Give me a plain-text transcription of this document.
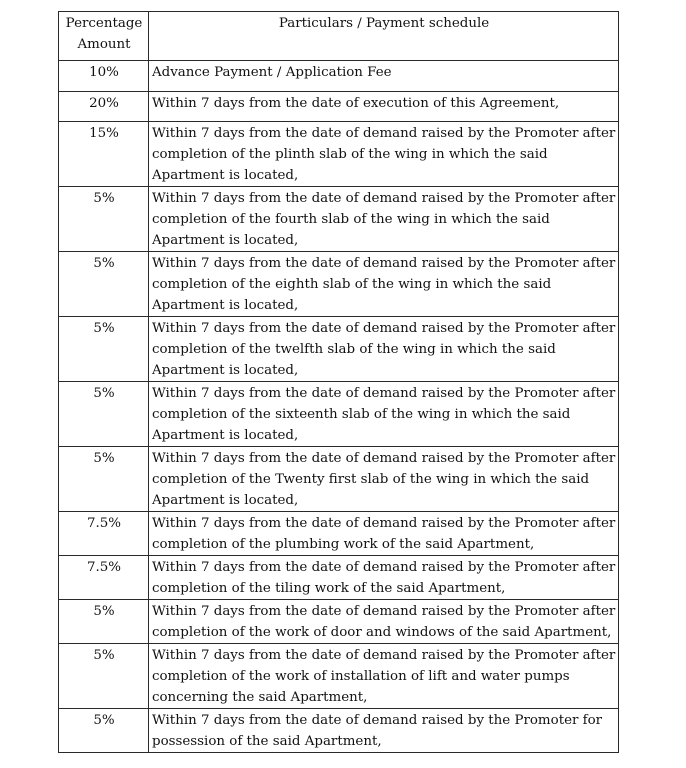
Percentage Amount	Particulars / Payment schedule
10%	Advance Payment / Application Fee
20%	Within 7 days from the date of execution of this Agreement,
15%	Within 7 days from the date of demand raised by the Promoter after completion of the plinth slab of the wing in which the said Apartment is located,
5%	Within 7 days from the date of demand raised by the Promoter after completion of the fourth slab of the wing in which the said Apartment is located,
5%	Within 7 days from the date of demand raised by the Promoter after completion of the eighth slab of the wing in which the said Apartment is located,
5%	Within 7 days from the date of demand raised by the Promoter after completion of the twelfth slab of the wing in which the said Apartment is located,
5%	Within 7 days from the date of demand raised by the Promoter after completion of the sixteenth slab of the wing in which the said Apartment is located,
5%	Within 7 days from the date of demand raised by the Promoter after completion of the Twenty first slab of the wing in which the said Apartment is located,
7.5%	Within 7 days from the date of demand raised by the Promoter after completion of the plumbing work of the said Apartment,
7.5%	Within 7 days from the date of demand raised by the Promoter after completion of the tiling work of the said Apartment,
5%	Within 7 days from the date of demand raised by the Promoter after completion of the work of door and windows of the said Apartment,
5%	Within 7 days from the date of demand raised by the Promoter after completion of the work of installation of lift and water pumps concerning the said Apartment,
5%	Within 7 days from the date of demand raised by the Promoter for possession of the said Apartment,
